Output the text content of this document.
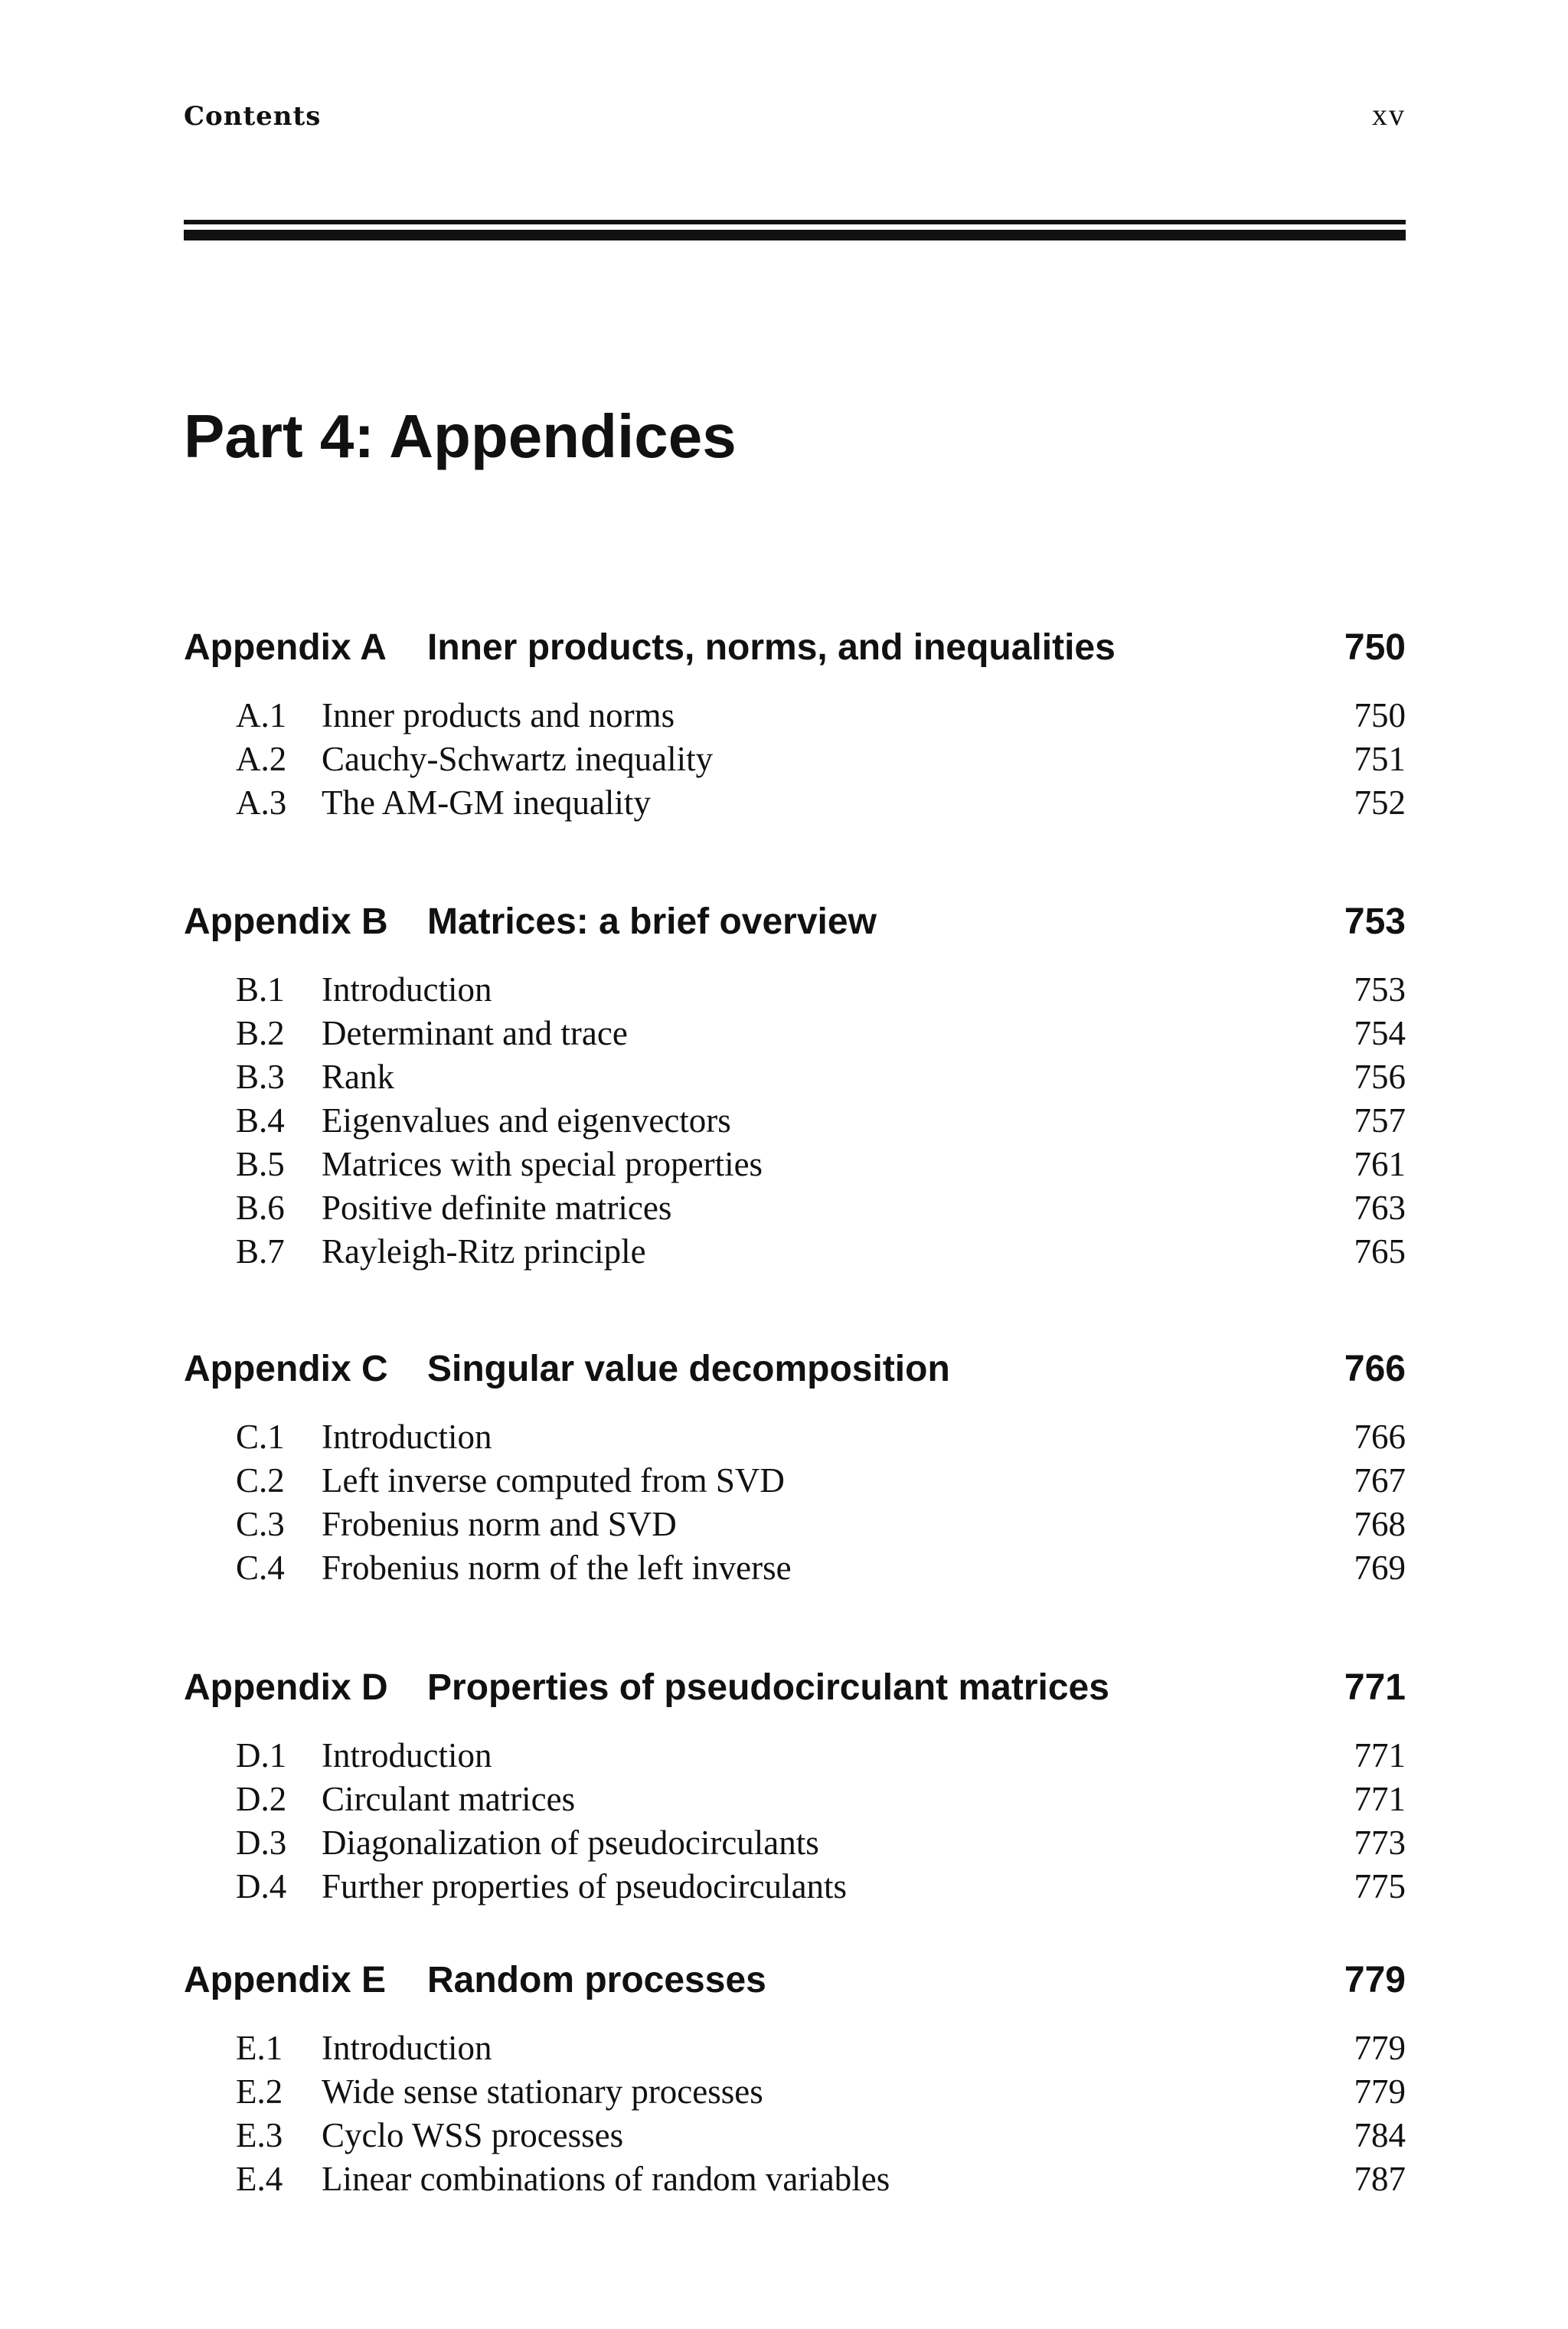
Contents	xv
Part 4: Appendices
Appendix A	Inner products, norms, and inequalities	750
A.1	Inner products and norms	750
A.2	Cauchy-Schwartz inequality	751
A.3	The AM-GM inequality	752
Appendix B	Matrices: a brief overview	753
B.1	Introduction	753
B.2	Determinant and trace	754
B.3	Rank	756
B.4	Eigenvalues and eigenvectors	757
B.5	Matrices with special properties	761
B.6	Positive definite matrices	763
B.7	Rayleigh-Ritz principle	765
Appendix C	Singular value decomposition	766
C.1	Introduction	766
C.2	Left inverse computed from SVD	767
C.3	Frobenius norm and SVD	768
C.4	Frobenius norm of the left inverse	769
Appendix D	Properties of pseudocirculant matrices	771
D.1	Introduction	771
D.2	Circulant matrices	771
D.3	Diagonalization of pseudocirculants	773
D.4	Further properties of pseudocirculants	775
Appendix E	Random processes	779
E.1	Introduction	779
E.2	Wide sense stationary processes	779
E.3	Cyclo WSS processes	784
E.4	Linear combinations of random variables	787
